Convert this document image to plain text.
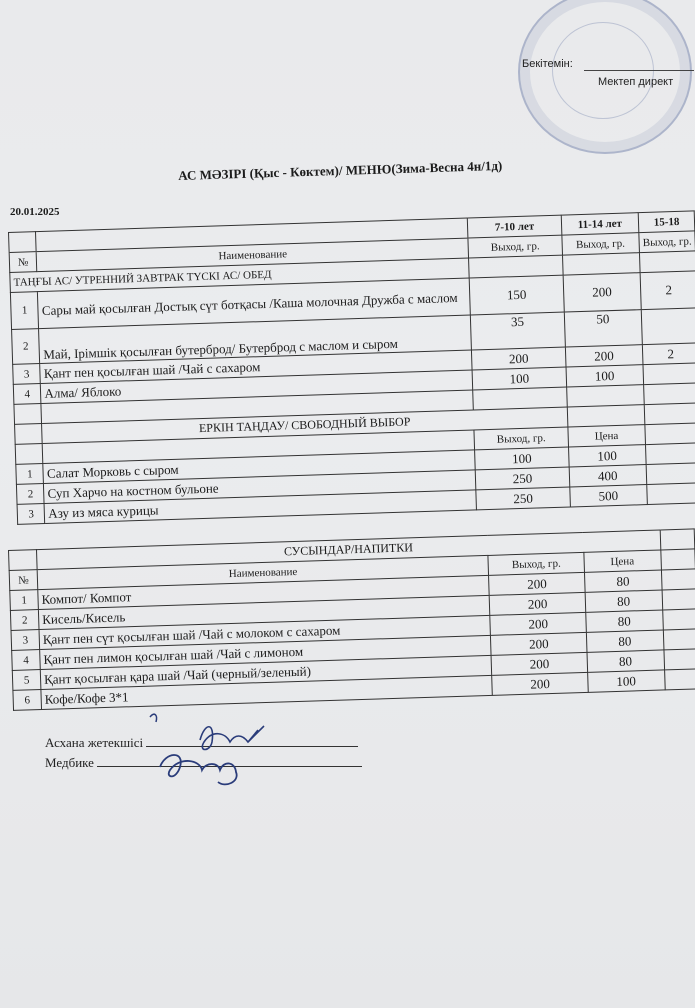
Бекітемін:
Мектеп директ
АС МӘЗІРІ (Қыс - Көктем)/ МЕНЮ(Зима-Весна 4н/1д)
20.01.2025
		7-10 лет	11-14 лет	15-18
№	Наименование	Выход, гр.	Выход, гр.	Выход, гр.
ТАҢҒЫ АС/ УТРЕННИЙ ЗАВТРАК ТҮСКІ АС/ ОБЕД				
1	Сары май қосылған Достық сүт ботқасы /Каша молочная Дружба с маслом	150	200	2
2	Май, Ірімшік қосылған бутерброд/ Бутерброд с маслом и сыром	35	50	
3	Қант пен қосылған шай /Чай с сахаром	200	200	2
4	Алма/ Яблоко	100	100	

	ЕРКІН ТАҢДАУ/ СВОБОДНЫЙ ВЫБОР			
		Выход, гр.	Цена	
1	Салат Морковь с сыром	100	100	
2	Суп Харчо на костном бульоне	250	400	
3	Азу из мяса курицы	250	500	
	СУСЫНДАР/НАПИТКИ			
№	Наименование	Выход, гр.	Цена	
1	Компот/ Компот	200	80	
2	Кисель/Кисель	200	80	
3	Қант пен сүт қосылған шай /Чай с молоком с сахаром	200	80	
4	Қант пен лимон қосылған шай /Чай с лимоном	200	80	
5	Қант қосылған қара шай /Чай (черный/зеленый)	200	80	
6	Кофе/Кофе 3*1	200	100	
Асхана жетекшісі
Медбике
